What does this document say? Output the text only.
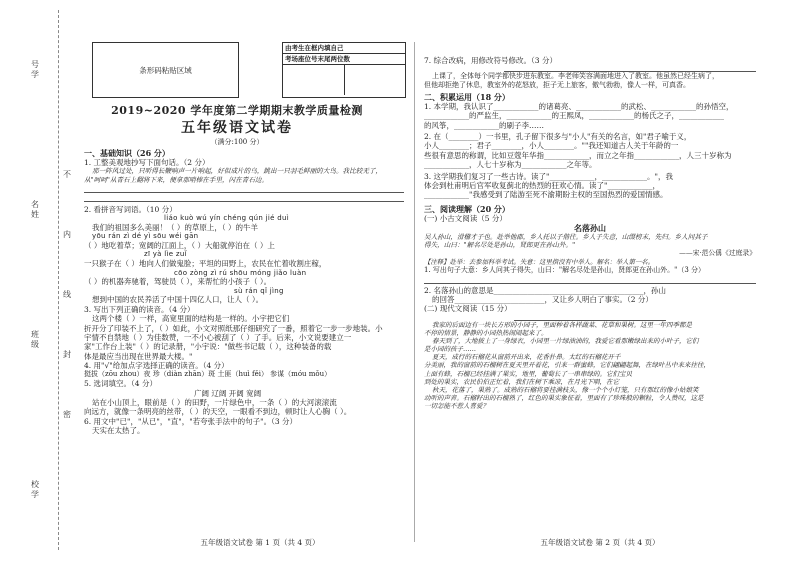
号学
名姓
不
内
线
封
密
班级
校学
条形码粘贴区域
由考生在框内填自己
考场座位号末尾两位数
2019~2020 学年度第二学期期末教学质量检测
五年级语文试卷
（满分:100 分）
一、基础知识（26 分）
1. 工整美观地抄写下面句话。（2 分）
那一阵风过处，只听得长鞭响声一片响起，好似成片的乌，跳出一只羽毛鲜丽的大鸟。我比较无了，
从"呵呵"从青石上翻将下来，便拿那哨棒在手里，闪在青石边。
2. 看拼音写词语。（10 分）
liáo kuò wú yín chéng qún jié duì
我们的祖国多么美丽！（ ）的草原上，（ ）的牛羊
yōu rán zì dé yì sōu wéi gān
（ ）地吃着草；宽阔的江面上，（ ）大船就停泊在（ ）上
zī yà lìe zuǐ
一只猴子在（ ）地向人们做鬼脸；平坦的田野上，农民在忙着收割庄稼，
cōo zòng zì rú shōu móng jiǎo luàn
（ ）的机器奔驰着，驾驶员（ ），来帮忙的小孩子（ ）。
sù rán qǐ jìng
想到中国的农民养活了中国十四亿人口，让人（ ）。
3. 写出下列正确的读音。（4 分）
这两个楼（ ）一样，高宽里面的结构是一样的。小宇把它们
折开分了印装不上了，（ ）如此，小文对照纸那仔细研究了一番，照着它一步一步地装。小
宇情不自禁地（ ）为佳数赞，一不小心被刮了（ ）了手。后来，小文说要建立一
家"工作台上装"（ ）的记录册，"小宇说："做些书记载（ ），这种装备的载
体是最应当出现在世界最大楼。"
4. 用"√"给加点字选择正确的读音。（4 分）
挺拔（zōu zhou）夜 珍（diàn zhān）斑 土匪（huì fěi） 参谋（móu mǒu）
5. 选词填空。（4 分）
广阔 辽阔 开阔 宽阔
站在小山顶上，眼前是（ ）的田野，一片绿色中，一条（ ）的大河滚滚流
向远方，就像一条明亮的丝带，（ ）的天空，一眼看不到边，顿时让人心胸（ ）。
6. 用文中"已"，"从已"，"直"，"若夸张手法中的句子"。（3 分）
天实在太热了。
五年级语文试卷 第 1 页（共 4 页）
7. 综合改病，用修改符号修改。（3 分）
上课了，全体每个同学都快步进东教室。李老师笑容满面地进入了教室。他虽然已经生病了，
但他却拒绝了休息，教室外的花怒放，拒子无上旅客，傲气勃勃，像人一样，可真香。
二、积累运用（18 分）
1. 本学期，我认识了____________的诸葛亮、____________的武松、____________的孙悟空，
____________的严监生，____________的王熙凤，____________的杨氏之子，____________
的风筝，____________的刷子李……
2. 在（________）一书里，孔子留下很多与"小人"有关的名言，如"君子喻于义，
小人________；君子________，小人________。""我还知道古人关于年龄的一
些很有意思的称谓，比如豆蔻年华指____________，而立之年指____________，人三十岁称为
____________，人七十岁称为____________之年等。
3. 这学期我们复习了一些古诗。读了"____________，____________。"，我
体会到杜甫明后官军收复蓟北的热烈的狂欢心情。读了"____________，
____________"我感受到了陆游至死不渝期盼主权的至国热烈的爱国情感。
三、阅读理解（20 分）
(一) 小古文阅读（5 分）
名落孙山
吴人孙山，滑稽才子也。赴举他郡，乡人托以子偕往。乡人子失意，山缀榜末，先归。乡人问其子
得失，山曰："解名尽处是孙山，贤郎更在孙山外。"
——宋·范公偁《过庭录》
【注释】赴举：去参加科举考试。失意：这里指没有中举人。解名：举人第一名。
1. 写出句子大意：乡人问其子得失，山曰："解名尽处是孙山，贤郎更在孙山外。"（3 分）
2. 名落孙山的意思是________________________________________，孙山
的回答________________________，又让乡人明白了事实。（2 分）
(二) 现代文阅读（15 分）
我家的后面边有一块长方形的小园子，里面种着各样蔬菜、花草和果树。这里一年四季都是
不停的情景，静静的小园热热闹闹起来了。
春天到了，大地披上了一身绿衣，小园里一片绿油油的，我爱它看那嫩绿出来的小叶子，它们
是小园的孩子……
夏天，成行的石榴花从窗前开出来，花香扑鼻。太红的石榴花开千
分美丽，我的窗前的石榴树在夏天里开着花，引来一群蜜蜂，它们翩翩起舞，在绿叶丛中来来往往，
上面有蜂，石榴已经挂满了果实，地里，葡萄长了一串串绿的。它们宝贝
到处的果实，农民伯伯正忙着，我们在树下乘凉，在月光下唱，在它
秋天，花落了，果熟了。成熟的石榴将要挂满枝头，像一个个小灯笼，只有那红的像小姑娘笑
动听的声音。石榴籽出的石榴熟了，红色的果实象征着，里面有了珍珠般的颗粒，令人赞叹，这是
一切怎能不惹人喜爱？
五年级语文试卷 第 2 页（共 4 页）
